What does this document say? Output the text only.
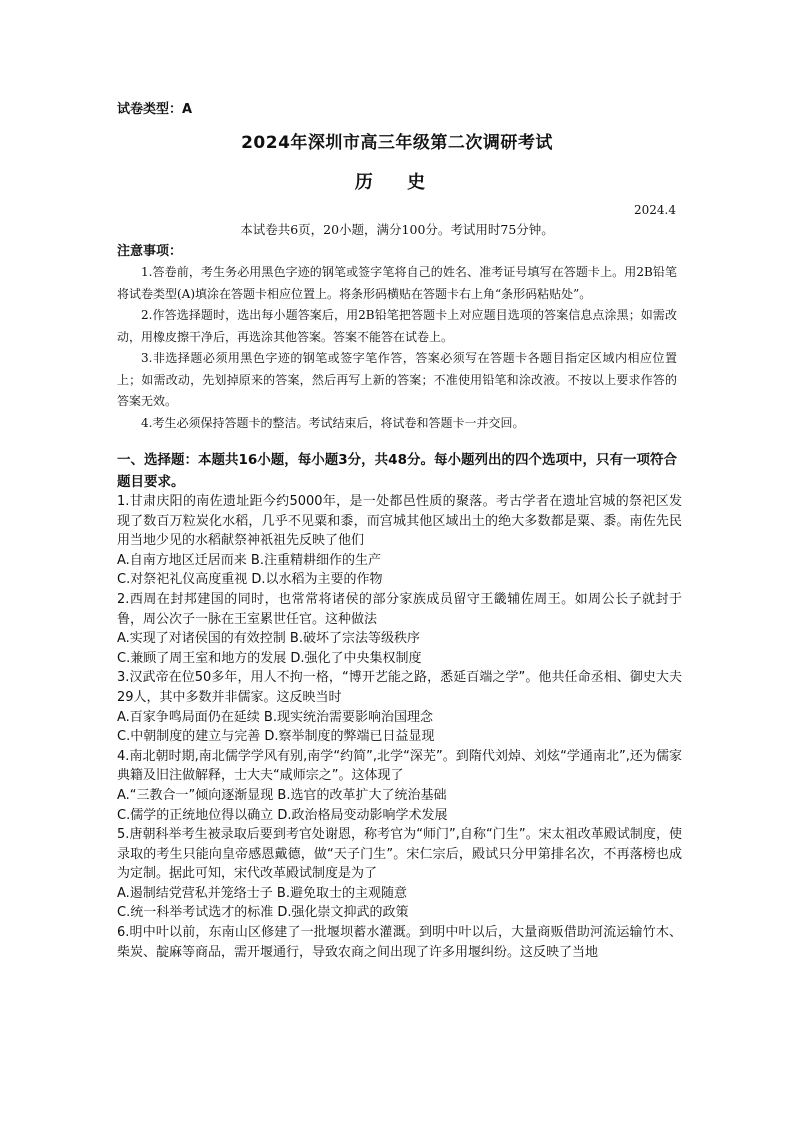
试卷类型：A
2024年深圳市高三年级第二次调研考试
历 史
2024.4
本试卷共6页，20小题，满分100分。考试用时75分钟。
注意事项：

1.答卷前，考生务必用黑色字迹的钢笔或签字笔将自己的姓名、准考证号填写在答题卡上。用2B铅笔将试卷类型(A)填涂在答题卡相应位置上。将条形码横贴在答题卡右上角“条形码粘贴处”。

2.作答选择题时，选出每小题答案后，用2B铅笔把答题卡上对应题目选项的答案信息点涂黑；如需改动，用橡皮擦干净后，再选涂其他答案。答案不能答在试卷上。

3.非选择题必须用黑色字迹的钢笔或签字笔作答，答案必须写在答题卡各题目指定区域内相应位置上；如需改动，先划掉原来的答案，然后再写上新的答案；不准使用铅笔和涂改液。不按以上要求作答的答案无效。

4.考生必须保持答题卡的整洁。考试结束后，将试卷和答题卡一并交回。

一、选择题：本题共16小题，每小题3分，共48分。每小题列出的四个选项中，只有一项符合题目要求。

1.甘肃庆阳的南佐遗址距今约5000年，是一处都邑性质的聚落。考古学者在遗址宫城的祭祀区发现了数百万粒炭化水稻，几乎不见粟和黍，而宫城其他区域出土的绝大多数都是粟、黍。南佐先民用当地少见的水稻献祭神祇祖先反映了他们

A.自南方地区迁居而来 B.注重精耕细作的生产
C.对祭祀礼仪高度重视 D.以水稻为主要的作物

2.西周在封邦建国的同时，也常常将诸侯的部分家族成员留守王畿辅佐周王。如周公长子就封于鲁，周公次子一脉在王室累世任官。这种做法

A.实现了对诸侯国的有效控制 B.破坏了宗法等级秩序
C.兼顾了周王室和地方的发展 D.强化了中央集权制度

3.汉武帝在位50多年，用人不拘一格，“博开艺能之路，悉延百端之学”。他共任命丞相、御史大夫29人，其中多数并非儒家。这反映当时

A.百家争鸣局面仍在延续 B.现实统治需要影响治国理念
C.中朝制度的建立与完善 D.察举制度的弊端已日益显现

4.南北朝时期,南北儒学学风有别,南学“约简”,北学“深芜”。到隋代刘焯、刘炫“学通南北”,还为儒家典籍及旧注做解释，士大夫“咸师宗之”。这体现了

A.“三教合一”倾向逐渐显现 B.选官的改革扩大了统治基础
C.儒学的正统地位得以确立 D.政治格局变动影响学术发展

5.唐朝科举考生被录取后要到考官处谢恩，称考官为“师门”,自称“门生”。宋太祖改革殿试制度，使录取的考生只能向皇帝感恩戴德，做“天子门生”。宋仁宗后，殿试只分甲第排名次，不再落榜也成为定制。据此可知，宋代改革殿试制度是为了

A.遏制结党营私并笼络士子 B.避免取士的主观随意
C.统一科举考试选才的标准 D.强化崇文抑武的政策

6.明中叶以前，东南山区修建了一批堰坝蓄水灌溉。到明中叶以后，大量商贩借助河流运输竹木、柴炭、靛麻等商品，需开堰通行，导致农商之间出现了许多用堰纠纷。这反映了当地
